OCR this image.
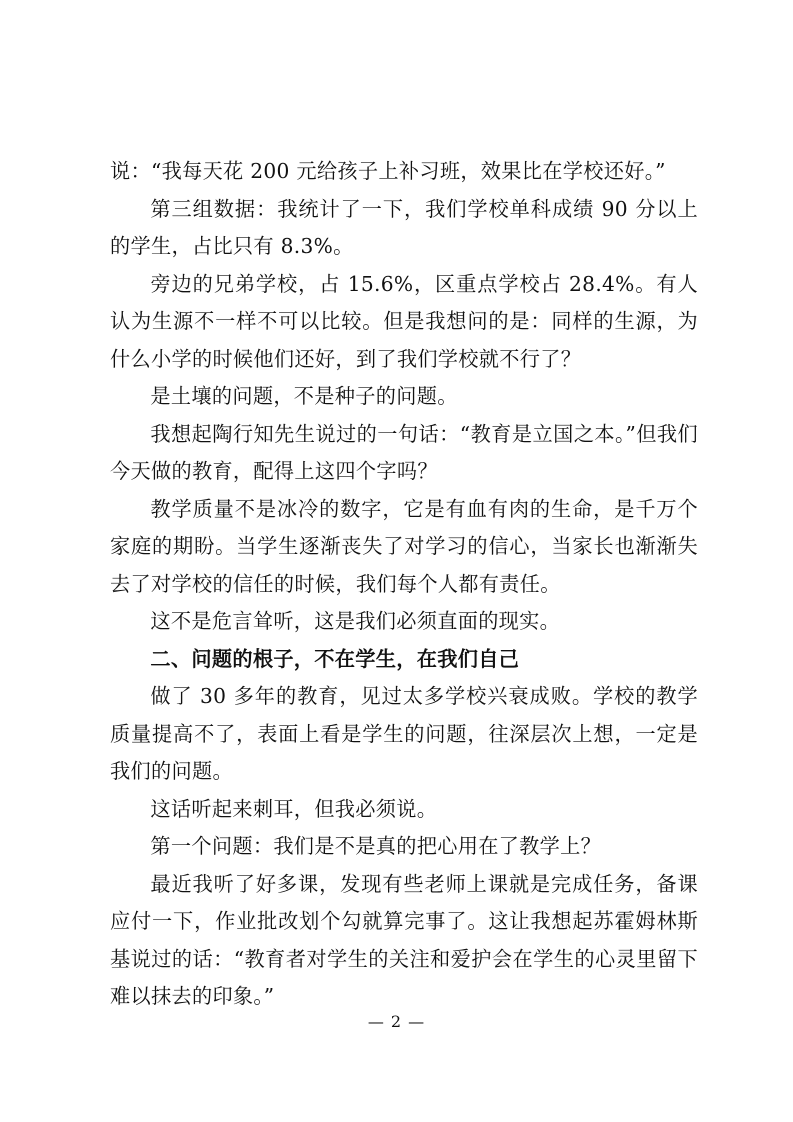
说：“我每天花 200 元给孩子上补习班，效果比在学校还好。”

第三组数据：我统计了一下，我们学校单科成绩 90 分以上的学生，占比只有 8.3%。

旁边的兄弟学校，占 15.6%，区重点学校占 28.4%。有人认为生源不一样不可以比较。但是我想问的是：同样的生源，为什么小学的时候他们还好，到了我们学校就不行了？

是土壤的问题，不是种子的问题。

我想起陶行知先生说过的一句话：“教育是立国之本。”但我们今天做的教育，配得上这四个字吗？

教学质量不是冰冷的数字，它是有血有肉的生命，是千万个家庭的期盼。当学生逐渐丧失了对学习的信心，当家长也渐渐失去了对学校的信任的时候，我们每个人都有责任。

这不是危言耸听，这是我们必须直面的现实。

二、问题的根子，不在学生，在我们自己

做了 30 多年的教育，见过太多学校兴衰成败。学校的教学质量提高不了，表面上看是学生的问题，往深层次上想，一定是我们的问题。

这话听起来刺耳，但我必须说。

第一个问题：我们是不是真的把心用在了教学上？

最近我听了好多课，发现有些老师上课就是完成任务，备课应付一下，作业批改划个勾就算完事了。这让我想起苏霍姆林斯基说过的话：“教育者对学生的关注和爱护会在学生的心灵里留下难以抹去的印象。”

— 2 —
